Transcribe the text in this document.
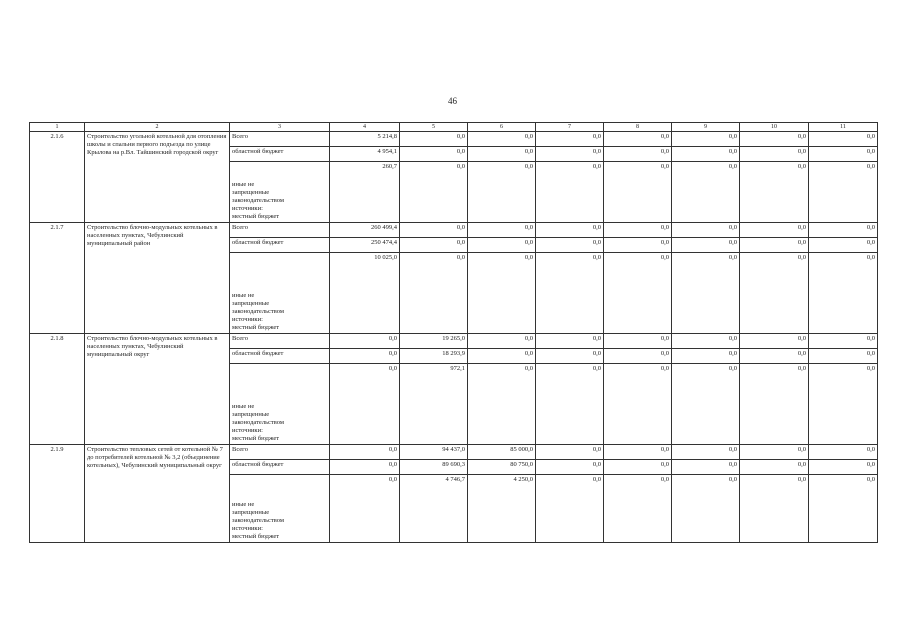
46
1	2	3	4	5	6	7	8	9	10	11
2.1.6	Строительство угольной котельной для отопления школы и спальни первого подъезда по улице Крылова на р.Вл. Тайшинский городской округ	Всего	5 214,8	0,0	0,0	0,0	0,0	0,0	0,0	0,0

		областной бюджет	4 954,1	0,0	0,0	0,0	0,0	0,0	0,0	0,0

		иные не
запрещенные
законодательством
источники:
местный бюджет	260,7	0,0	0,0	0,0	0,0	0,0	0,0	0,0
2.1.7	Строительство блочно-модульных котельных в населенных пунктах, Чебулинский муниципальный район	Всего	260 499,4	0,0	0,0	0,0	0,0	0,0	0,0	0,0

		областной бюджет	250 474,4	0,0	0,0	0,0	0,0	0,0	0,0	0,0

		иные не
запрещенные
законодательством
источники:
местный бюджет	10 025,0	0,0	0,0	0,0	0,0	0,0	0,0	0,0
2.1.8	Строительство блочно-модульных котельных в населенных пунктах, Чебулинский муниципальный округ	Всего	0,0	19 265,0	0,0	0,0	0,0	0,0	0,0	0,0

		областной бюджет	0,0	18 293,9	0,0	0,0	0,0	0,0	0,0	0,0

		иные не
запрещенные
законодательством
источники:
местный бюджет	0,0	972,1	0,0	0,0	0,0	0,0	0,0	0,0
2.1.9	Строительство тепловых сетей от котельной № 7 до потребителей котельной № 3,2 (объединение котельных), Чебулинский муниципальный округ	Всего	0,0	94 437,0	85 000,0	0,0	0,0	0,0	0,0	0,0

		областной бюджет	0,0	89 690,3	80 750,0	0,0	0,0	0,0	0,0	0,0

		иные не
запрещенные
законодательством
источники:
местный бюджет	0,0	4 746,7	4 250,0	0,0	0,0	0,0	0,0	0,0
